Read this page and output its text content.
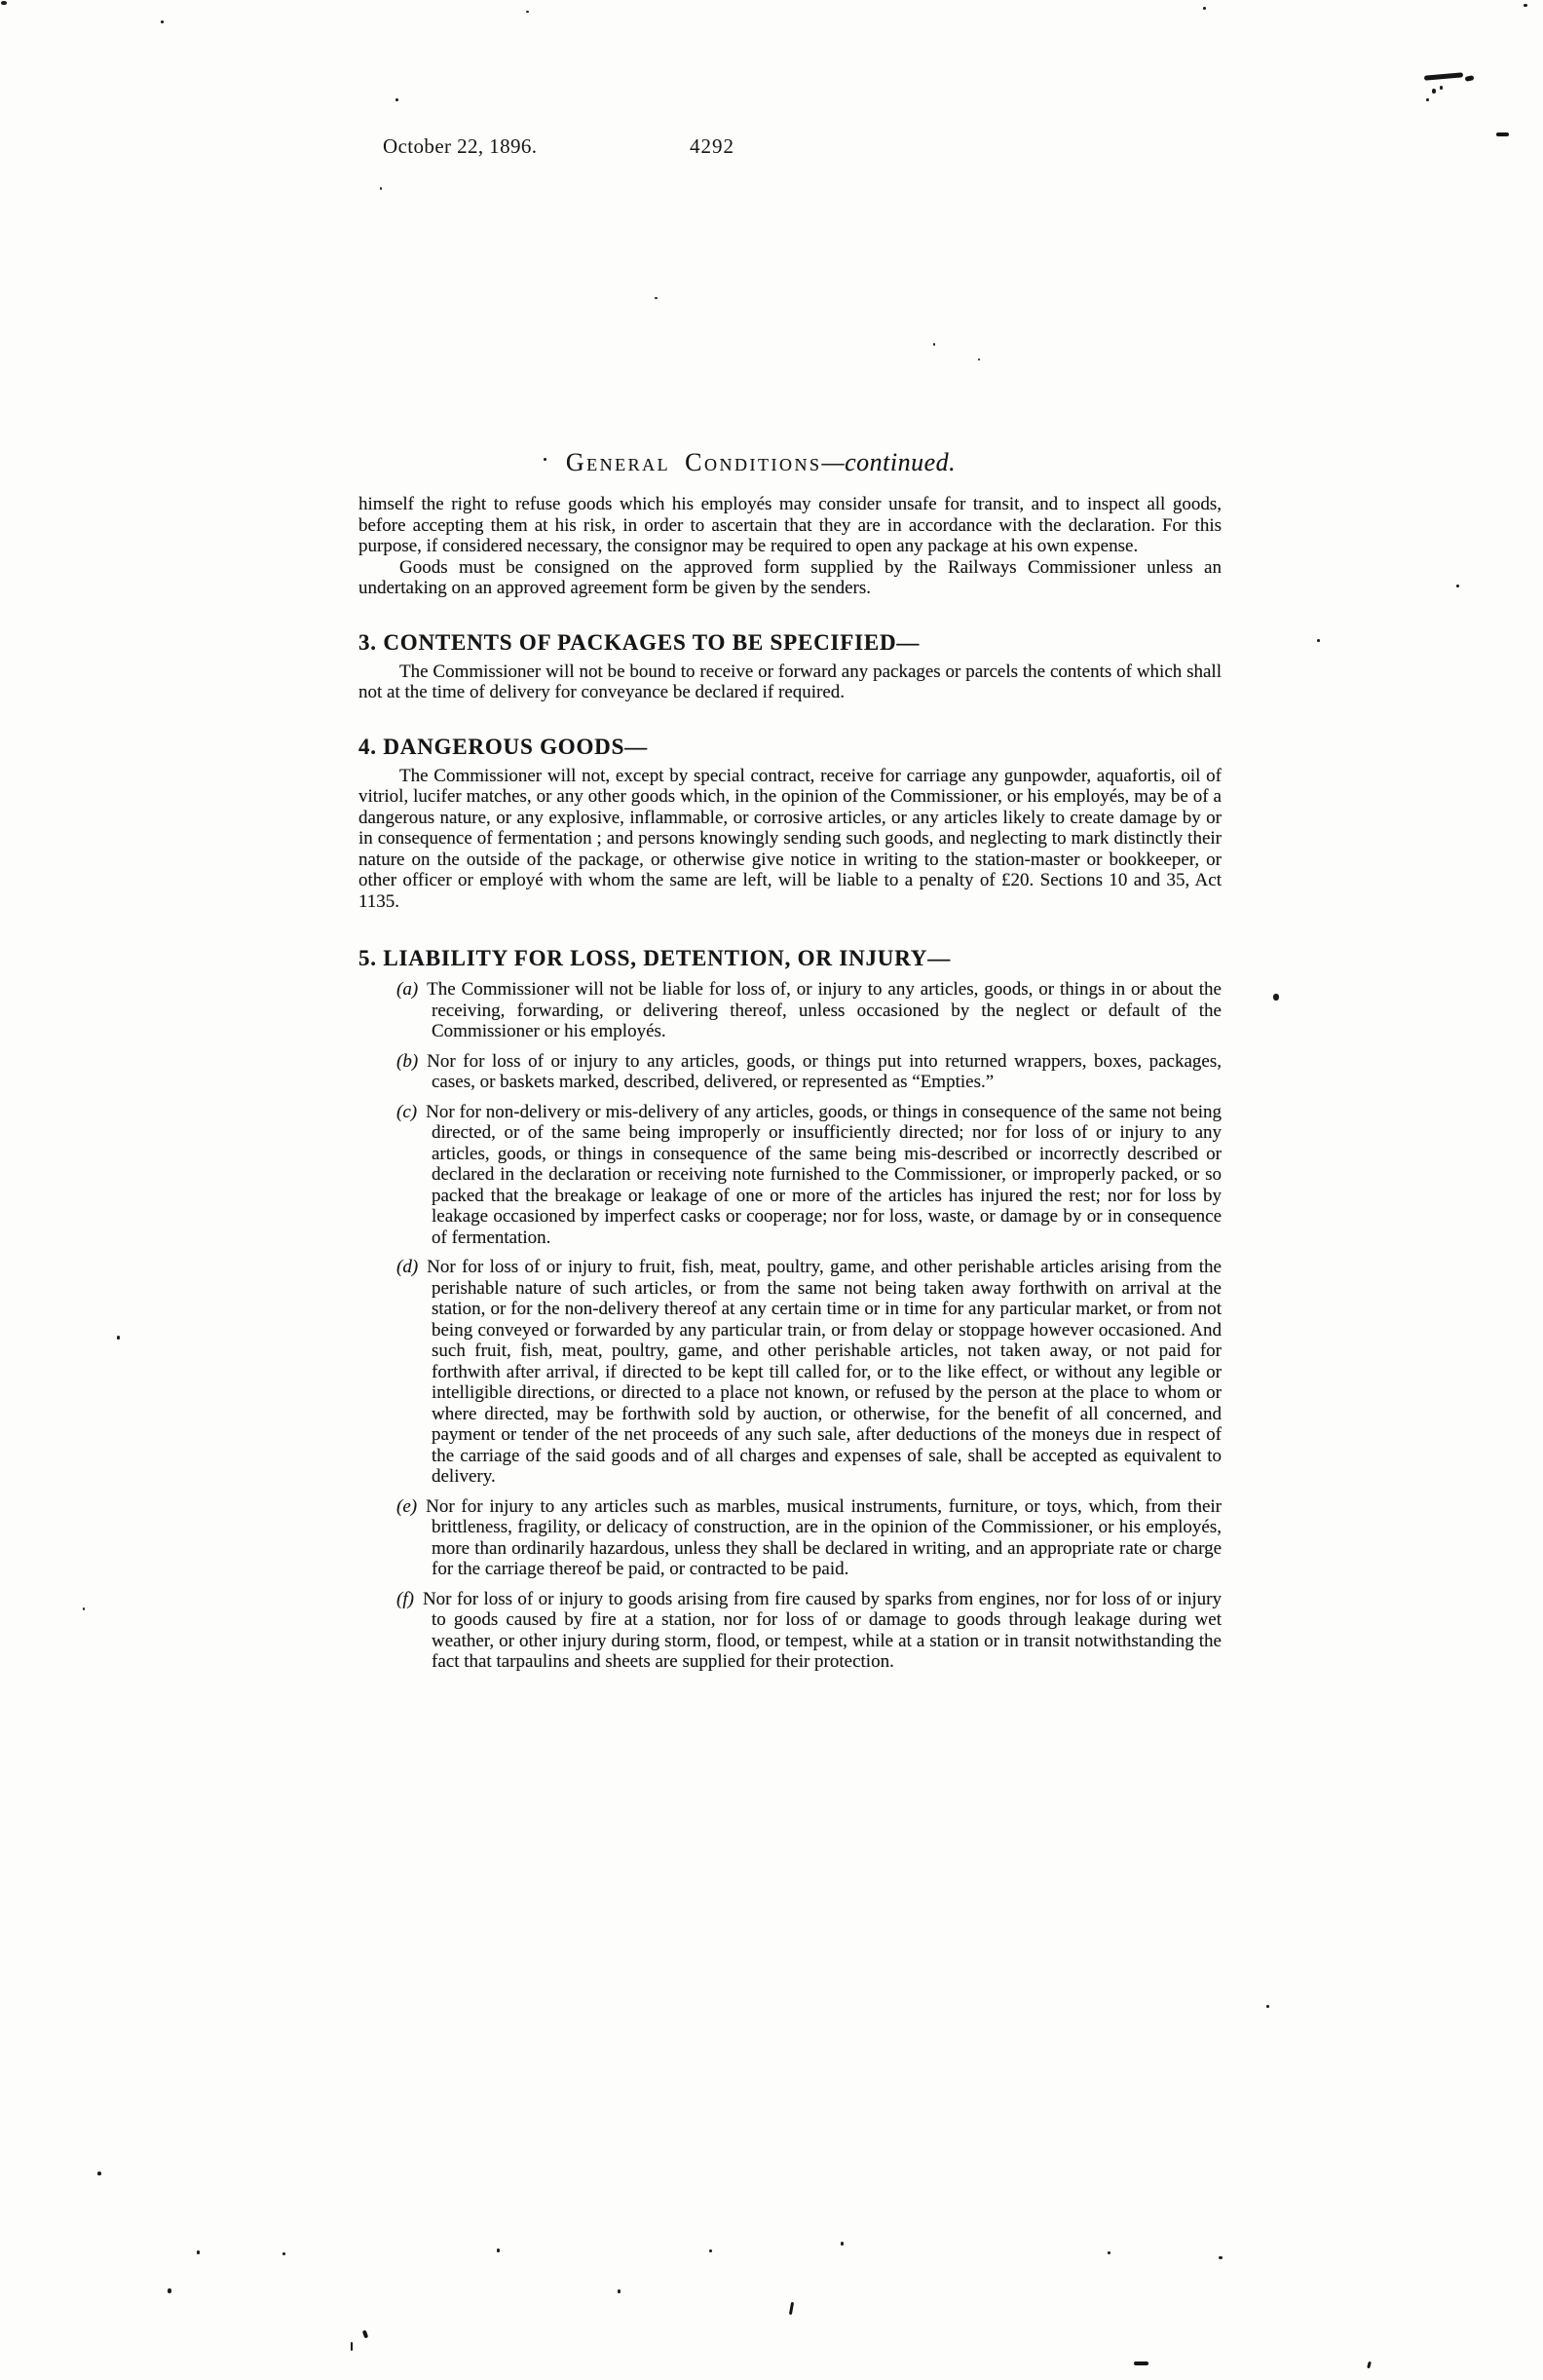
October 22, 1896.	4292
General Conditions—continued.

himself the right to refuse goods which his employés may consider unsafe for transit, and to inspect all goods, before accepting them at his risk, in order to ascertain that they are in accordance with the declaration. For this purpose, if considered necessary, the consignor may be required to open any package at his own expense.

Goods must be consigned on the approved form supplied by the Railways Commissioner unless an undertaking on an approved agreement form be given by the senders.

3. CONTENTS OF PACKAGES TO BE SPECIFIED—

The Commissioner will not be bound to receive or forward any packages or parcels the contents of which shall not at the time of delivery for conveyance be declared if required.

4. DANGEROUS GOODS—

The Commissioner will not, except by special contract, receive for carriage any gunpowder, aquafortis, oil of vitriol, lucifer matches, or any other goods which, in the opinion of the Commissioner, or his employés, may be of a dangerous nature, or any explosive, inflammable, or corrosive articles, or any articles likely to create damage by or in consequence of fermentation ; and persons knowingly sending such goods, and neglecting to mark distinctly their nature on the outside of the package, or otherwise give notice in writing to the station-master or bookkeeper, or other officer or employé with whom the same are left, will be liable to a penalty of £20. Sections 10 and 35, Act 1135.

5. LIABILITY FOR LOSS, DETENTION, OR INJURY—
(a) The Commissioner will not be liable for loss of, or injury to any articles, goods, or things in or about the receiving, forwarding, or delivering thereof, unless occasioned by the neglect or default of the Commissioner or his employés.
(b) Nor for loss of or injury to any articles, goods, or things put into returned wrappers, boxes, packages, cases, or baskets marked, described, delivered, or represented as “Empties.”
(c) Nor for non-delivery or mis-delivery of any articles, goods, or things in consequence of the same not being directed, or of the same being improperly or insufficiently directed; nor for loss of or injury to any articles, goods, or things in consequence of the same being mis-described or incorrectly described or declared in the declaration or receiving note furnished to the Commissioner, or improperly packed, or so packed that the breakage or leakage of one or more of the articles has injured the rest; nor for loss by leakage occasioned by imperfect casks or cooperage; nor for loss, waste, or damage by or in consequence of fermentation.
(d) Nor for loss of or injury to fruit, fish, meat, poultry, game, and other perishable articles arising from the perishable nature of such articles, or from the same not being taken away forthwith on arrival at the station, or for the non-delivery thereof at any certain time or in time for any particular market, or from not being conveyed or forwarded by any particular train, or from delay or stoppage however occasioned. And such fruit, fish, meat, poultry, game, and other perishable articles, not taken away, or not paid for forthwith after arrival, if directed to be kept till called for, or to the like effect, or without any legible or intelligible directions, or directed to a place not known, or refused by the person at the place to whom or where directed, may be forthwith sold by auction, or otherwise, for the benefit of all concerned, and payment or tender of the net proceeds of any such sale, after deductions of the moneys due in respect of the carriage of the said goods and of all charges and expenses of sale, shall be accepted as equivalent to delivery.
(e) Nor for injury to any articles such as marbles, musical instruments, furniture, or toys, which, from their brittleness, fragility, or delicacy of construction, are in the opinion of the Commissioner, or his employés, more than ordinarily hazardous, unless they shall be declared in writing, and an appropriate rate or charge for the carriage thereof be paid, or contracted to be paid.
(f) Nor for loss of or injury to goods arising from fire caused by sparks from engines, nor for loss of or injury to goods caused by fire at a station, nor for loss of or damage to goods through leakage during wet weather, or other injury during storm, flood, or tempest, while at a station or in transit notwithstanding the fact that tarpaulins and sheets are supplied for their protection.
